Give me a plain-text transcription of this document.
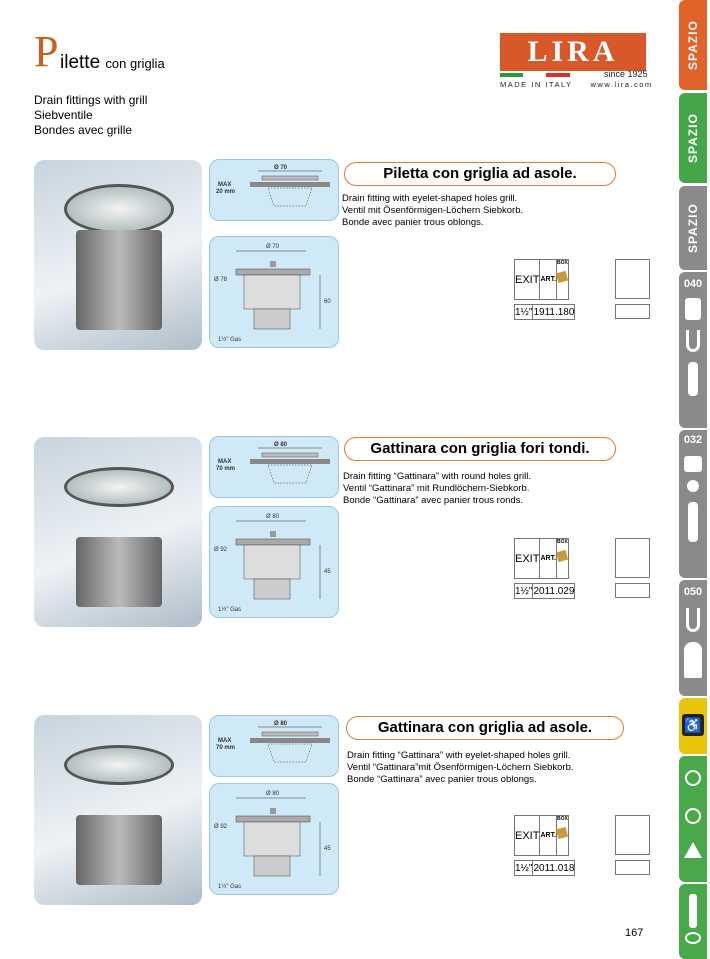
P ilette con griglia
Drain fittings with grill
Siebventile
Bondes avec grille
LIRA
since 1925
MADE IN ITALY www.lira.com
Ø 70
MAX
20 mm
Ø 70
Ø 78
60
1½" Gas
Piletta con griglia ad asole.
Drain fitting with eyelet-shaped holes grill.
Ventil mit Ösenförmigen-Löchern Siebkorb.
Bonde avec panier trous oblongs.
EXIT	ART.	BOX
1½"	1911.180
Ø 80
MAX
70 mm
Ø 80
Ø 92
45
1½" Gas
Gattinara con griglia fori tondi.
Drain fitting “Gattinara” with round holes grill.
Ventil “Gattinara” mit Rundlöchern-Siebkorb.
Bonde “Gattinara” avec panier trous ronds.
EXIT	ART.	BOX
1½"	2011.029
Ø 80
MAX
70 mm
Ø 80
Ø 92
45
1½" Gas
Gattinara con griglia ad asole.
Drain fitting “Gattinara” with eyelet-shaped holes grill.
Ventil “Gattinara”mit Ösenförmigen-Löchern Siebkorb.
Bonde “Gattinara” avec panier trous oblongs.
EXIT	ART.	BOX
1½"	2011.018
SPAZIO
SPAZIO
SPAZIO
040
032
050
♿
167
